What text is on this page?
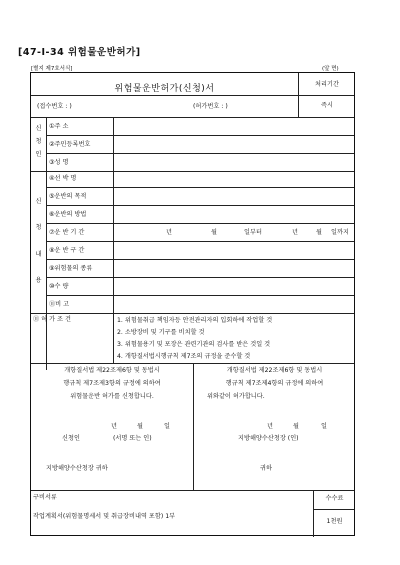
[47-Ⅰ-34 위험물운반허가]
[별지 제7호서식]	(앞 면)
위험물운반허가(신청)서	처리기간
(접수번호 : )	(허가번호 : )	즉시
신
청
인
①주 소
②주민등록번호
③성 명
신
청
내
용
④선 박 명
⑤운반의 목적
⑥운반의 방법
⑦운 반 기 간	년	월	일부터	년	월 일까지
⑧운 반 구 간
⑨위험물의 종류
⑩수 량
⑪비 고
⑪ 허 가 조 건	1. 위험물취급 책임자등 안전관리자의 입회하에 작업할 것
2. 소방장비 및 기구를 비치할 것
3. 위험물용기 및 포장은 관련기관의 검사를 받은 것일 것
4. 개항질서법시행규칙 제7조의 규정을 준수할 것
개항질서법 제22조제6항 및 동법시
행규칙 제7조제3항의 규정에 의하여
위험물운반 허가를 신청합니다.
년	월	일
신청인	(서명 또는 인)
지방해양수산청장 귀하
개항질서법 제22조제6항 및 동법시
행규칙 제7조제4항의 규정에 의하여
위와같이 허가합니다.
년	월	일
지방해양수산청장 (인)
귀하
구비서류
작업계획서(위험물명세서 및 취급장비내역 포함) 1부
수수료
1천원
